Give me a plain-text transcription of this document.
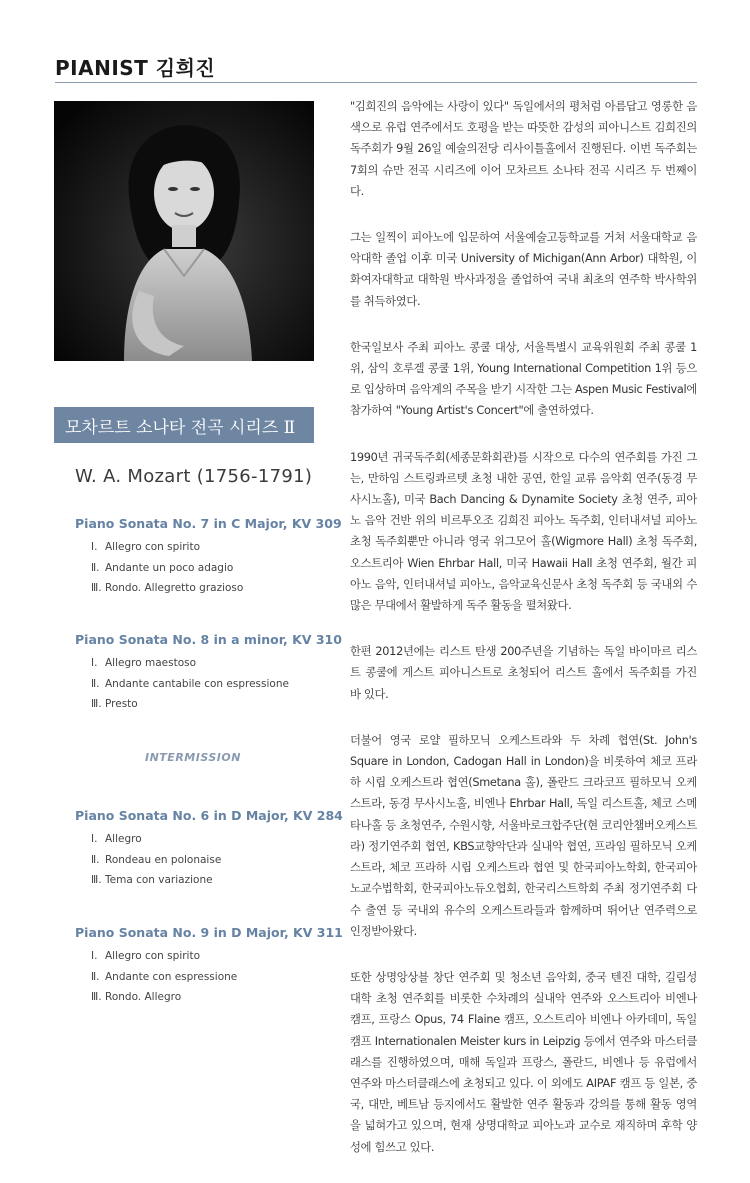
PIANIST 김희진
모차르트 소나타 전곡 시리즈 Ⅱ
W. A. Mozart (1756-1791)
Piano Sonata No. 7 in C Major, KV 309
Ⅰ. Allegro con spirito
Ⅱ. Andante un poco adagio
Ⅲ. Rondo. Allegretto grazioso
Piano Sonata No. 8 in a minor, KV 310
Ⅰ. Allegro maestoso
Ⅱ. Andante cantabile con espressione
Ⅲ. Presto
Piano Sonata No. 6 in D Major, KV 284
Ⅰ. Allegro
Ⅱ. Rondeau en polonaise
Ⅲ. Tema con variazione
Piano Sonata No. 9 in D Major, KV 311
Ⅰ. Allegro con spirito
Ⅱ. Andante con espressione
Ⅲ. Rondo. Allegro
INTERMISSION

"김희진의 음악에는 사랑이 있다" 독일에서의 평처럼 아름답고 영롱한 음색으로 유럽 연주에서도 호평을 받는 따뜻한 감성의 피아니스트 김희진의 독주회가 9월 26일 예술의전당 리사이틀홀에서 진행된다. 이번 독주회는 7회의 슈만 전곡 시리즈에 이어 모차르트 소나타 전곡 시리즈 두 번째이다.

그는 일찍이 피아노에 입문하여 서울예술고등학교를 거쳐 서울대학교 음악대학 졸업 이후 미국 University of Michigan(Ann Arbor) 대학원, 이화여자대학교 대학원 박사과정을 졸업하여 국내 최초의 연주학 박사학위를 취득하였다.

한국일보사 주최 피아노 콩쿨 대상, 서울특별시 교육위원회 주최 콩쿨 1위, 삼익 호루겔 콩쿨 1위, Young International Competition 1위 등으로 입상하며 음악계의 주목을 받기 시작한 그는 Aspen Music Festival에 참가하여 "Young Artist's Concert"에 출연하였다.

1990년 귀국독주회(세종문화회관)를 시작으로 다수의 연주회를 가진 그는, 만하임 스트링콰르텟 초청 내한 공연, 한일 교류 음악회 연주(동경 무사시노홀), 미국 Bach Dancing & Dynamite Society 초청 연주, 피아노 음악 건반 위의 비르투오조 김희진 피아노 독주회, 인터내셔널 피아노 초청 독주회뿐만 아니라 영국 위그모어 홀(Wigmore Hall) 초청 독주회, 오스트리아 Wien Ehrbar Hall, 미국 Hawaii Hall 초청 연주회, 월간 피아노 음악, 인터내셔널 피아노, 음악교육신문사 초청 독주회 등 국내외 수많은 무대에서 활발하게 독주 활동을 펼쳐왔다.

한편 2012년에는 리스트 탄생 200주년을 기념하는 독일 바이마르 리스트 콩쿨에 게스트 피아니스트로 초청되어 리스트 홀에서 독주회를 가진 바 있다.

더불어 영국 로얄 필하모닉 오케스트라와 두 차례 협연(St. John's Square in London, Cadogan Hall in London)을 비롯하여 체코 프라하 시립 오케스트라 협연(Smetana 홀), 폴란드 크라코프 필하모닉 오케스트라, 동경 무사시노홀, 비엔나 Ehrbar Hall, 독일 리스트홀, 체코 스메타나홀 등 초청연주, 수원시향, 서울바로크합주단(현 코리안챔버오케스트라) 정기연주회 협연, KBS교향악단과 실내악 협연, 프라임 필하모닉 오케스트라, 체코 프라하 시립 오케스트라 협연 및 한국피아노학회, 한국피아노교수법학회, 한국피아노듀오협회, 한국리스트학회 주최 정기연주회 다수 출연 등 국내외 유수의 오케스트라들과 함께하며 뛰어난 연주력으로 인정받아왔다.

또한 상명앙상블 창단 연주회 및 청소년 음악회, 중국 텐진 대학, 길림성대학 초청 연주회를 비롯한 수차례의 실내악 연주와 오스트리아 비엔나 캠프, 프랑스 Opus, 74 Flaine 캠프, 오스트리아 비엔나 아카데미, 독일 캠프 Internationalen Meister kurs in Leipzig 등에서 연주와 마스터클래스를 진행하였으며, 매해 독일과 프랑스, 폴란드, 비엔나 등 유럽에서 연주와 마스터클래스에 초청되고 있다. 이 외에도 AIPAF 캠프 등 일본, 중국, 대만, 베트남 등지에서도 활발한 연주 활동과 강의를 통해 활동 영역을 넓혀가고 있으며, 현재 상명대학교 피아노과 교수로 재직하며 후학 양성에 힘쓰고 있다.
